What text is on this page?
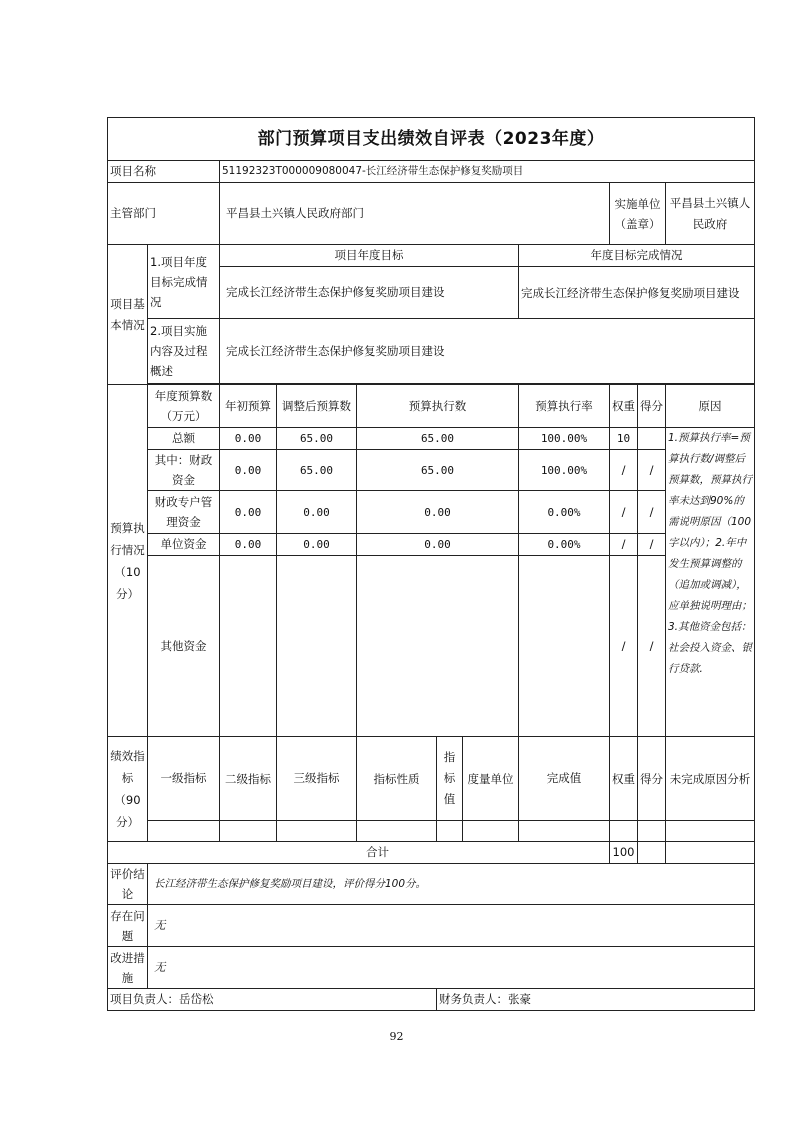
部门预算项目支出绩效自评表（2023年度）										
项目名称		51192323T000009080047-长江经济带生态保护修复奖励项目								
主管部门		平昌县土兴镇人民政府部门						实施单位（盖章）		平昌县土兴镇人民政府
项目基本情况	1.项目年度目标完成情况	项目年度目标					年度目标完成情况			
		完成长江经济带生态保护修复奖励项目建设					完成长江经济带生态保护修复奖励项目建设			
	2.项目实施内容及过程概述	完成长江经济带生态保护修复奖励项目建设								

预算执行情况（10分）	年度预算数（万元）	年初预算	调整后预算数	预算执行数			预算执行率	权重	得分	原因
	总额	0.00	65.00	65.00			100.00%	10		1.预算执行率=预算执行数/调整后预算数，预算执行率未达到90%的需说明原因（100字以内）；2.年中发生预算调整的（追加或调减），应单独说明理由；3.其他资金包括：社会投入资金、银行贷款.
	其中：财政资金	0.00	65.00	65.00			100.00%	/	/	
	财政专户管理资金	0.00	0.00	0.00			0.00%	/	/	
	单位资金	0.00	0.00	0.00			0.00%	/	/	
	其他资金							/	/	
绩效指标（90分）	一级指标	二级指标	三级指标	指标性质	指标值	度量单位	完成值	权重	得分	未完成原因分析

合计								100		
评价结论	长江经济带生态保护修复奖励项目建设，评价得分100分。									
存在问题	无									
改进措施	无									
项目负责人：岳岱松					财务负责人：张豪					
92
